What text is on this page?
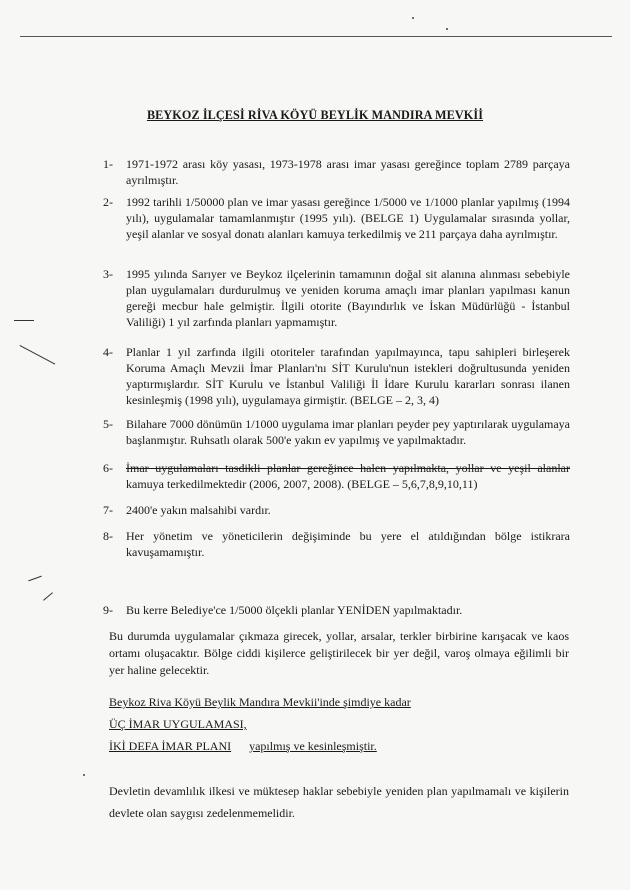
BEYKOZ İLÇESİ RİVA KÖYÜ BEYLİK MANDIRA MEVKİİ
1- 1971-1972 arası köy yasası, 1973-1978 arası imar yasası gereğince toplam 2789 parçaya ayrılmıştır.
2- 1992 tarihli 1/50000 plan ve imar yasası gereğince 1/5000 ve 1/1000 planlar yapılmış (1994 yılı), uygulamalar tamamlanmıştır (1995 yılı). (BELGE 1) Uygulamalar sırasında yollar, yeşil alanlar ve sosyal donatı alanları kamuya terkedilmiş ve 211 parçaya daha ayrılmıştır.
3- 1995 yılında Sarıyer ve Beykoz ilçelerinin tamamının doğal sit alanına alınması sebebiyle plan uygulamaları durdurulmuş ve yeniden koruma amaçlı imar planları yapılması kanun gereği mecbur hale gelmiştir. İlgili otorite (Bayındırlık ve İskan Müdürlüğü - İstanbul Valiliği) 1 yıl zarfında planları yapmamıştır.
4- Planlar 1 yıl zarfında ilgili otoriteler tarafından yapılmayınca, tapu sahipleri birleşerek Koruma Amaçlı Mevzii İmar Planları'nı SİT Kurulu'nun istekleri doğrultusunda yeniden yaptırmışlardır. SİT Kurulu ve İstanbul Valiliği İl İdare Kurulu kararları sonrası ilanen kesinleşmiş (1998 yılı), uygulamaya girmiştir. (BELGE – 2, 3, 4)
5- Bilahare 7000 dönümün 1/1000 uygulama imar planları peyder pey yaptırılarak uygulamaya başlanmıştır. Ruhsatlı olarak 500'e yakın ev yapılmış ve yapılmaktadır.
6- İmar uygulamaları tasdikli planlar gereğince halen yapılmakta, yollar ve yeşil alanlar kamuya terkedilmektedir (2006, 2007, 2008). (BELGE – 5,6,7,8,9,10,11)
7- 2400'e yakın malsahibi vardır.
8- Her yönetim ve yöneticilerin değişiminde bu yere el atıldığından bölge istikrara kavuşamamıştır.
9- Bu kerre Belediye'ce 1/5000 ölçekli planlar YENİDEN yapılmaktadır.
Bu durumda uygulamalar çıkmaza girecek, yollar, arsalar, terkler birbirine karışacak ve kaos ortamı oluşacaktır. Bölge ciddi kişilerce geliştirilecek bir yer değil, varoş olmaya eğilimli bir yer haline gelecektir.
Beykoz Riva Köyü Beylik Mandıra Mevkii'inde şimdiye kadar
ÜÇ İMAR UYGULAMASI,
İKİ DEFA İMAR PLANI yapılmış ve kesinleşmiştir.
Devletin devamlılık ilkesi ve müktesep haklar sebebiyle yeniden plan yapılmamalı ve kişilerin devlete olan saygısı zedelenmemelidir.
